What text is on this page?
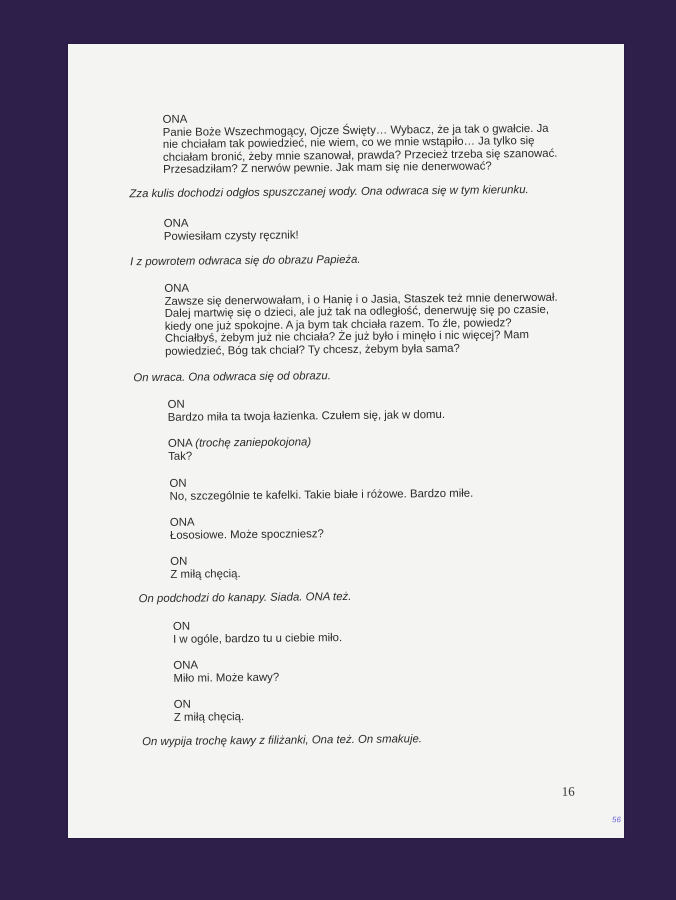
ONA
Panie Boże Wszechmogący, Ojcze Święty… Wybacz, że ja tak o gwałcie. Ja
nie chciałam tak powiedzieć, nie wiem, co we mnie wstąpiło… Ja tylko się
chciałam bronić, żeby mnie szanował, prawda? Przecież trzeba się szanować.
Przesadziłam? Z nerwów pewnie. Jak mam się nie denerwować?
Zza kulis dochodzi odgłos spuszczanej wody. Ona odwraca się w tym kierunku.
ONA
Powiesiłam czysty ręcznik!
I z powrotem odwraca się do obrazu Papieża.
ONA
Zawsze się denerwowałam, i o Hanię i o Jasia, Staszek też mnie denerwował.
Dalej martwię się o dzieci, ale już tak na odległość, denerwuję się po czasie,
kiedy one już spokojne. A ja bym tak chciała razem. To źle, powiedz?
Chciałbyś, żebym już nie chciała? Że już było i minęło i nic więcej? Mam
powiedzieć, Bóg tak chciał? Ty chcesz, żebym była sama?
On wraca. Ona odwraca się od obrazu.
ON
Bardzo miła ta twoja łazienka. Czułem się, jak w domu.
ONA (trochę zaniepokojona)
Tak?
ON
No, szczególnie te kafelki. Takie białe i różowe. Bardzo miłe.
ONA
Łososiowe. Może spoczniesz?
ON
Z miłą chęcią.
On podchodzi do kanapy. Siada. ONA też.
ON
I w ogóle, bardzo tu u ciebie miło.
ONA
Miło mi. Może kawy?
ON
Z miłą chęcią.
On wypija trochę kawy z filiżanki, Ona też. On smakuje.
16
56
